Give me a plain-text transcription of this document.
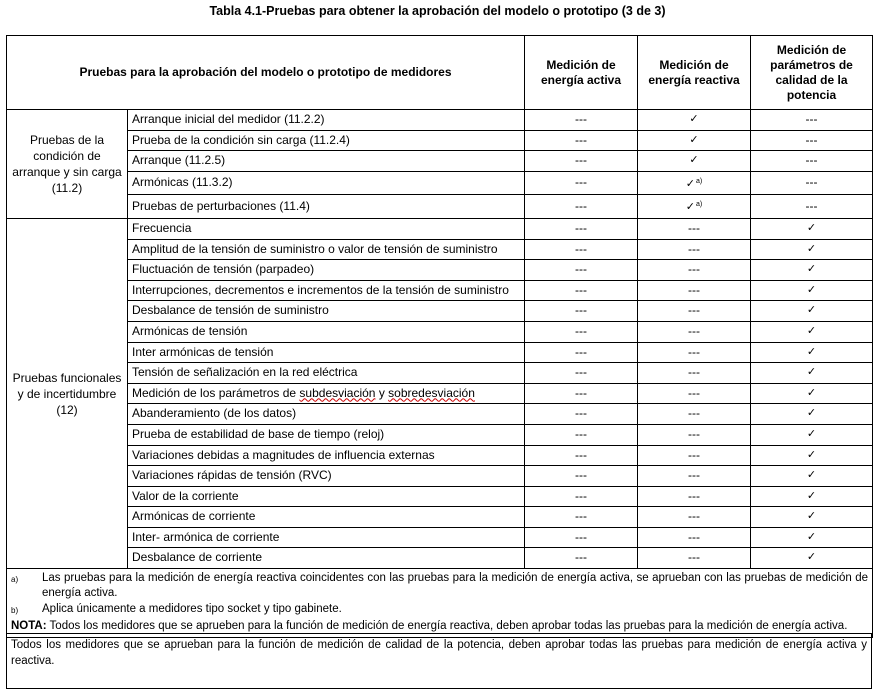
Tabla 4.1-Pruebas para obtener la aprobación del modelo o prototipo (3 de 3)
Pruebas para la aprobación del modelo o prototipo de medidores		Medición de energía activa	Medición de energía reactiva	Medición de parámetros de calidad de la potencia
Pruebas de la condición de arranque y sin carga (11.2)	Arranque inicial del medidor (11.2.2)	---	✓	---
	Prueba de la condición sin carga (11.2.4)	---	✓	---
	Arranque (11.2.5)	---	✓	---
	Armónicas (11.3.2)	---	✓$^{a)}$	---
	Pruebas de perturbaciones (11.4)	---	✓$^{a)}$	---
Pruebas funcionales y de incertidumbre (12)	Frecuencia	---	---	✓
	Amplitud de la tensión de suministro o valor de tensión de suministro	---	---	✓
	Fluctuación de tensión (parpadeo)	---	---	✓
	Interrupciones, decrementos e incrementos de la tensión de suministro	---	---	✓
	Desbalance de tensión de suministro	---	---	✓
	Armónicas de tensión	---	---	✓
	Inter armónicas de tensión	---	---	✓
	Tensión de señalización en la red eléctrica	---	---	✓
	Medición de los parámetros de subdesviación y sobredesviación	---	---	✓
	Abanderamiento (de los datos)	---	---	✓
	Prueba de estabilidad de base de tiempo (reloj)	---	---	✓
	Variaciones debidas a magnitudes de influencia externas	---	---	✓
	Variaciones rápidas de tensión (RVC)	---	---	✓
	Valor de la corriente	---	---	✓
	Armónicas de corriente	---	---	✓
	Inter- armónica de corriente	---	---	✓
	Desbalance de corriente	---	---	✓

a) Las pruebas para la medición de energía reactiva coincidentes con las pruebas para la medición de energía activa, se aprueban con las pruebas de medición de energía activa.
b) Aplica únicamente a medidores tipo socket y tipo gabinete.
NOTA: Todos los medidores que se aprueben para la función de medición de energía reactiva, deben aprobar todas las pruebas para la medición de energía activa.				
Todos los medidores que se aprueban para la función de medición de calidad de la potencia, deben aprobar todas las pruebas para medición de energía activa y reactiva.
